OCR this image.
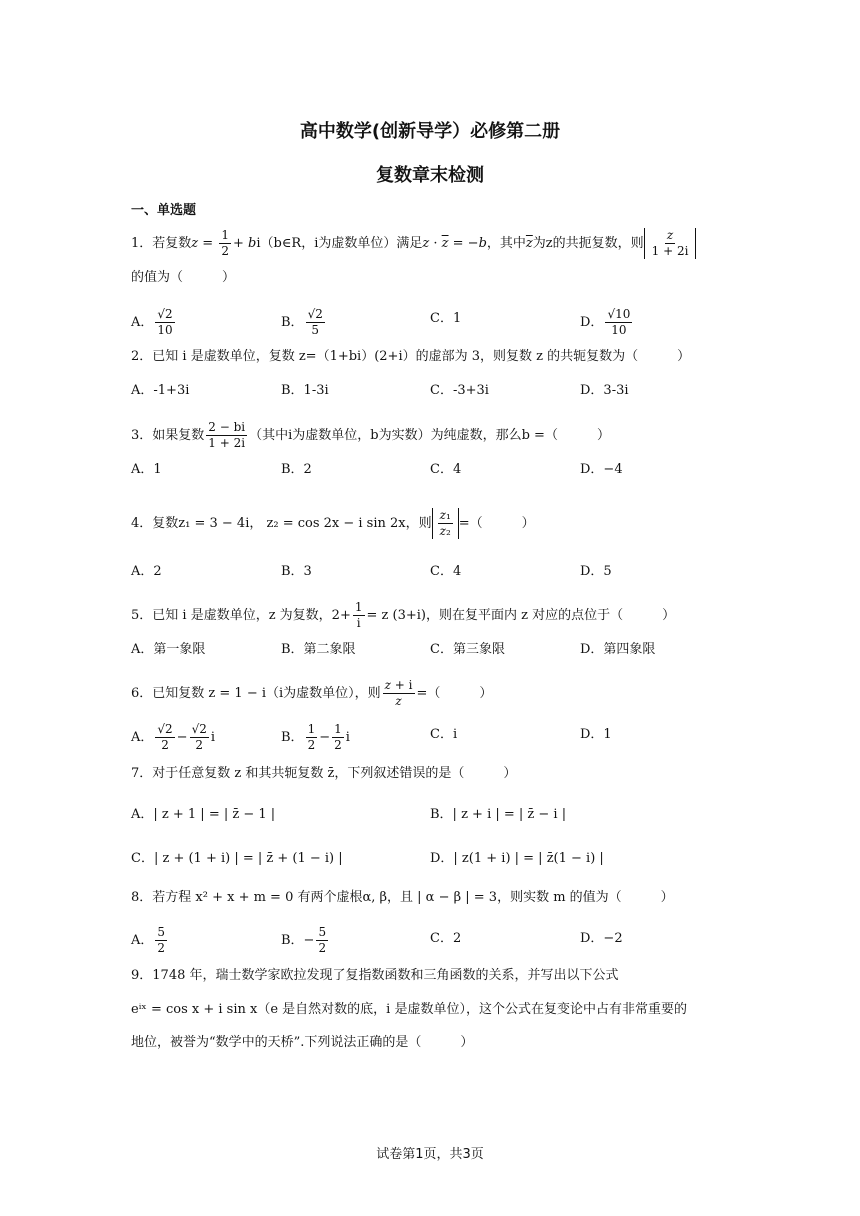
高中数学(创新导学）必修第二册
复数章末检测
一、单选题
1．若复数$z = \frac{1}{2}$ + bi（b∈R，i为虚数单位）满足$z \cdot \overline{z} = -b$，其中$\overline{z}$为z的共扼复数，则 $\frac{z}{1 + 2i}$
的值为（　　　）
A． $\frac{√2}{10}$	B． $\frac{√2}{5}$	C．1	D． $\frac{√10}{10}$
2．已知 i 是虚数单位，复数 z=（1+bi）(2+i）的虚部为 3，则复数 z 的共轭复数为（　　　）
A．-1+3i	B．1-3i	C．-3+3i	D．3-3i
3．如果复数 $\frac{2 - bi}{1 + 2i}$ （其中i为虚数单位，b为实数）为纯虚数，那么b =（　　　）
A．1	B．2	C．4	D．−4
4．复数z₁ = 3 − 4i， z₂ = cos 2x − i sin 2x，则 $\frac{\text{z₁}}{\text{z₂}}$ =（　　　）
A．2	B．3	C．4	D．5
5．已知 i 是虚数单位，z 为复数，$2+ \frac{1}{i} = z$ (3+i)，则在复平面内 z 对应的点位于（　　　）
A．第一象限	B．第二象限	C．第三象限	D．第四象限
6．已知复数 z = 1 − i（i为虚数单位），则 $\frac{z + i}{z}$ =（　　　）
A． $\frac{√2}{2} - \frac{√2}{2}$ i	B． $\frac{1}{2} - \frac{1}{2}$ i	C．i	D．1
7．对于任意复数 z 和其共轭复数 z̄，下列叙述错误的是（　　　）
A．| z + 1 | = | z̄ − 1 |	B．| z + i | = | z̄ − i |
C．| z + (1 + i) | = | z̄ + (1 − i) |	D．| z(1 + i) | = | z̄(1 − i) |
8．若方程 x² + x + m = 0 有两个虚根α, β，且 | α − β | = 3，则实数 m 的值为（　　　）
A． $\frac{5}{2}$	B．− $\frac{5}{2}$	C．2	D．−2
9．1748 年，瑞士数学家欧拉发现了复指数函数和三角函数的关系，并写出以下公式
eⁱˣ = cos x + i sin x（e 是自然对数的底，i 是虚数单位），这个公式在复变论中占有非常重要的
地位，被誉为“数学中的天桥”.下列说法正确的是（　　　）
试卷第1页，共3页
